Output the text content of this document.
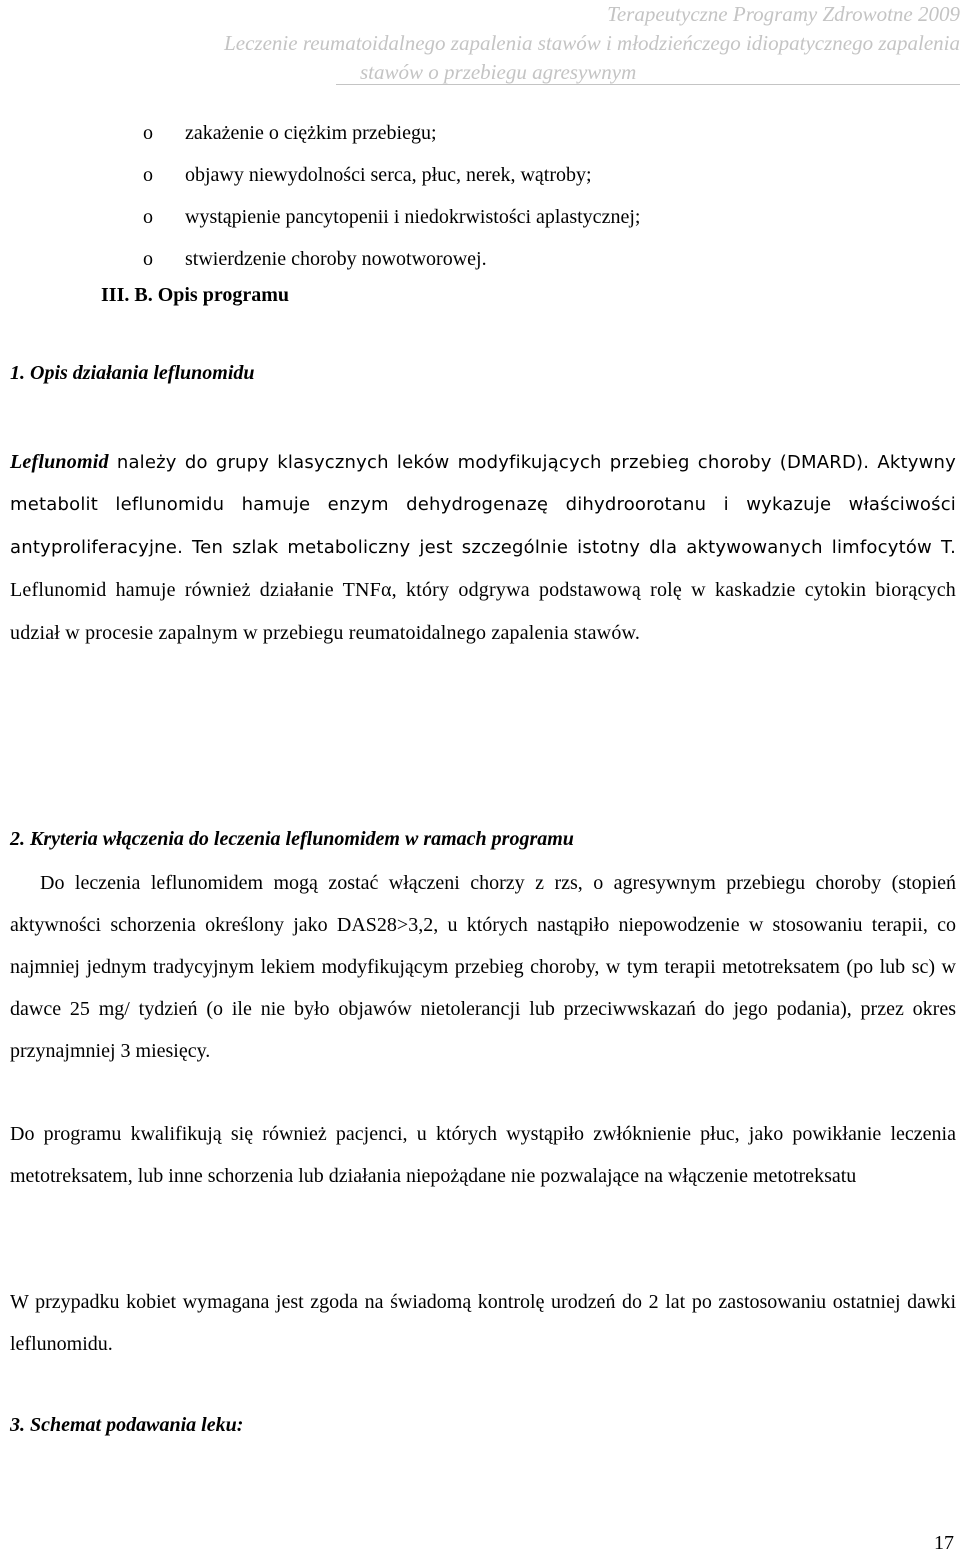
Terapeutyczne Programy Zdrowotne 2009
Leczenie reumatoidalnego zapalenia stawów i młodzieńczego idiopatycznego zapalenia
stawów o przebiegu agresywnym
o zakażenie o ciężkim przebiegu;
o objawy niewydolności serca, płuc, nerek, wątroby;
o wystąpienie pancytopenii i niedokrwistości aplastycznej;
o stwierdzenie choroby nowotworowej.
III. B. Opis programu
1. Opis działania leflunomidu
Leflunomid należy do grupy klasycznych leków modyfikujących przebieg choroby (DMARD). Aktywny metabolit leflunomidu hamuje enzym dehydrogenazę dihydroorotanu i wykazuje właściwości antyproliferacyjne. Ten szlak metaboliczny jest szczególnie istotny dla aktywowanych limfocytów T. Leflunomid hamuje również działanie TNFα, który odgrywa podstawową rolę w kaskadzie cytokin biorących udział w procesie zapalnym w przebiegu reumatoidalnego zapalenia stawów.
2. Kryteria włączenia do leczenia leflunomidem w ramach programu
Do leczenia leflunomidem mogą zostać włączeni chorzy z rzs, o agresywnym przebiegu choroby (stopień aktywności schorzenia określony jako DAS28>3,2, u których nastąpiło niepowodzenie w stosowaniu terapii, co najmniej jednym tradycyjnym lekiem modyfikującym przebieg choroby, w tym terapii metotreksatem (po lub sc) w dawce 25 mg/ tydzień (o ile nie było objawów nietolerancji lub przeciwwskazań do jego podania), przez okres przynajmniej 3 miesięcy.
Do programu kwalifikują się również pacjenci, u których wystąpiło zwłóknienie płuc, jako powikłanie leczenia metotreksatem, lub inne schorzenia lub działania niepożądane nie pozwalające na włączenie metotreksatu
W przypadku kobiet wymagana jest zgoda na świadomą kontrolę urodzeń do 2 lat po zastosowaniu ostatniej dawki leflunomidu.
3. Schemat podawania leku:
17
